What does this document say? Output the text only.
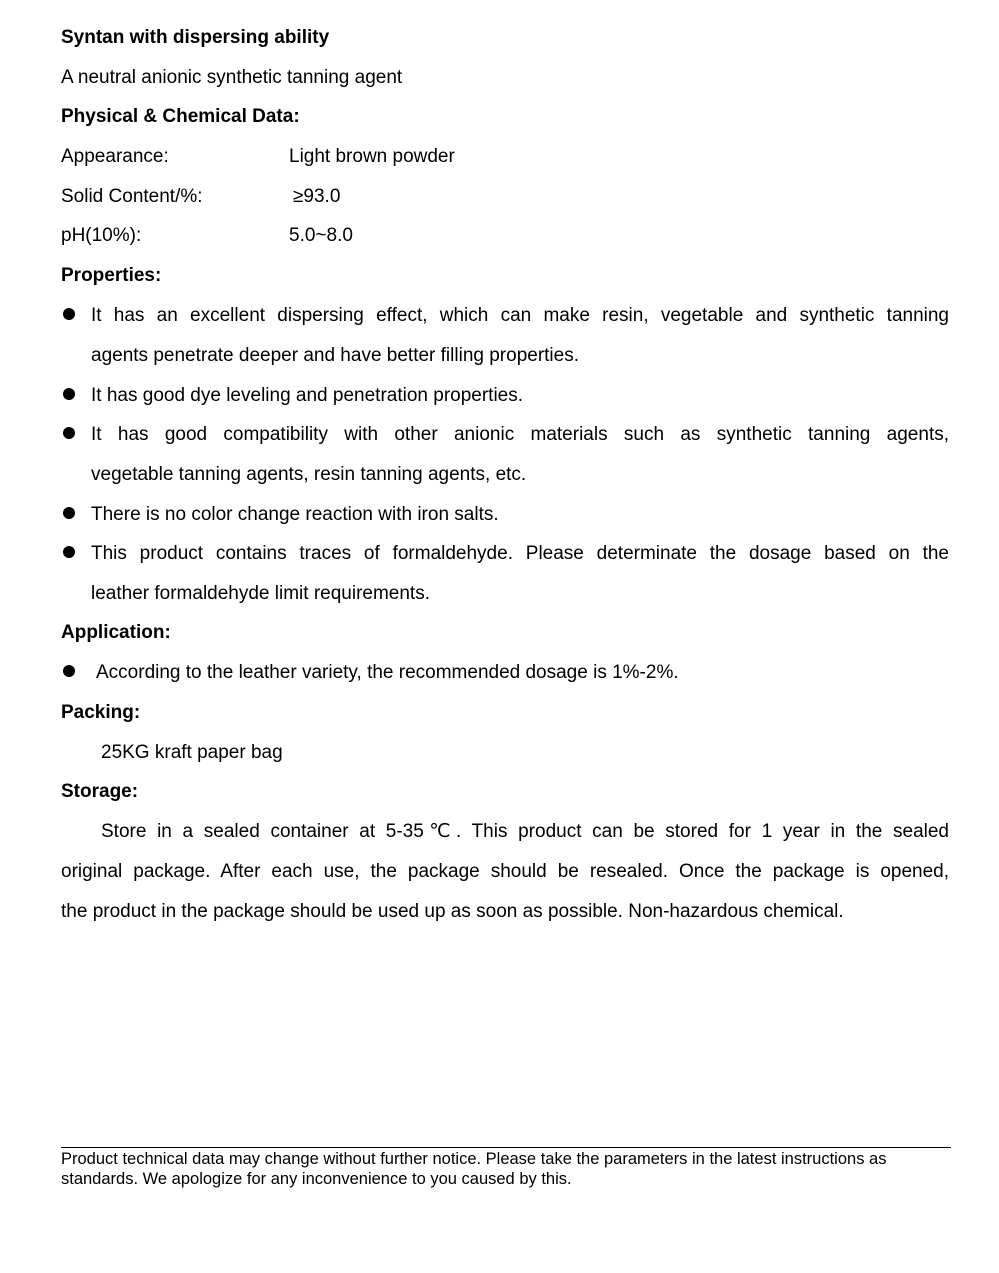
Syntan with dispersing ability
A neutral anionic synthetic tanning agent
Physical & Chemical Data:
Appearance:	Light brown powder
Solid Content/%:	≥93.0
pH(10%):	5.0~8.0
Properties:
It has an excellent dispersing effect, which can make resin, vegetable and synthetic tanning
agents penetrate deeper and have better filling properties.
It has good dye leveling and penetration properties.
It has good compatibility with other anionic materials such as synthetic tanning agents,
vegetable tanning agents, resin tanning agents, etc.
There is no color change reaction with iron salts.
This product contains traces of formaldehyde. Please determinate the dosage based on the
leather formaldehyde limit requirements.
Application:
According to the leather variety, the recommended dosage is 1%-2%.
Packing:
25KG kraft paper bag
Storage:
Store in a sealed container at 5-35℃. This product can be stored for 1 year in the sealed
original package. After each use, the package should be resealed. Once the package is opened,
the product in the package should be used up as soon as possible. Non-hazardous chemical.
Product technical data may change without further notice. Please take the parameters in the latest instructions as
standards. We apologize for any inconvenience to you caused by this.
